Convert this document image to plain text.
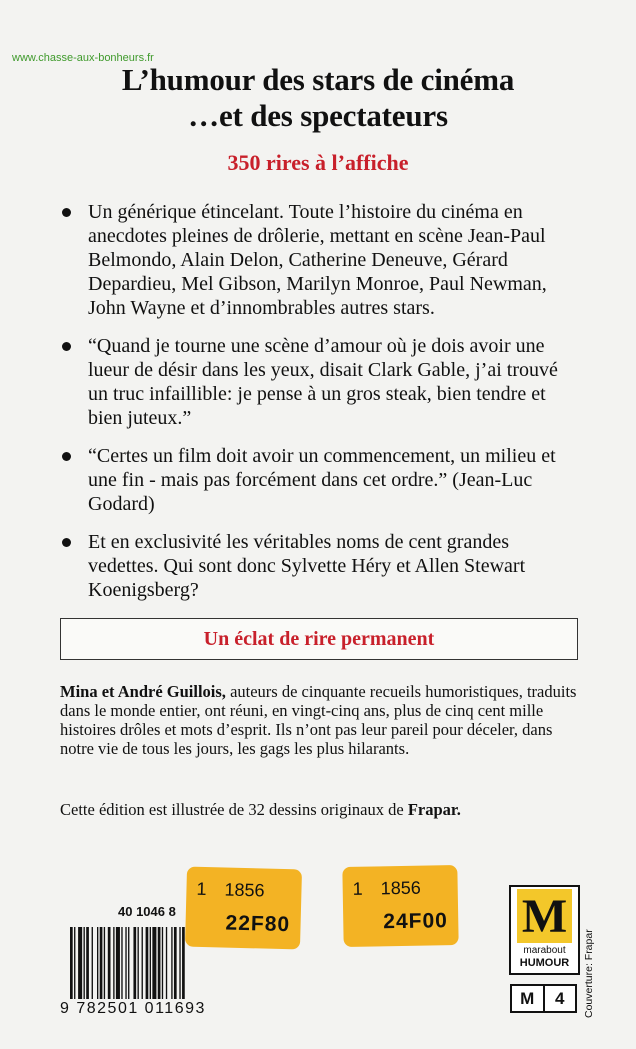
www.chasse-aux-bonheurs.fr
L’humour des stars de cinéma
…et des spectateurs
350 rires à l’affiche
Un générique étincelant. Toute l’histoire du cinéma en anecdotes pleines de drôlerie, mettant en scène Jean-Paul Belmondo, Alain Delon, Catherine Deneuve, Gérard Depardieu, Mel Gibson, Marilyn Monroe, Paul Newman, John Wayne et d’innombrables autres stars.
“Quand je tourne une scène d’amour où je dois avoir une lueur de désir dans les yeux, disait Clark Gable, j’ai trouvé un truc infaillible: je pense à un gros steak, bien tendre et bien juteux.”
“Certes un film doit avoir un commencement, un milieu et une fin - mais pas forcément dans cet ordre.” (Jean-Luc Godard)
Et en exclusivité les véritables noms de cent grandes vedettes. Qui sont donc Sylvette Héry et Allen Stewart Koenigsberg?
Un éclat de rire permanent
Mina et André Guillois, auteurs de cinquante recueils humoristiques, traduits dans le monde entier, ont réuni, en vingt-cinq ans, plus de cinq cent mille histoires drôles et mots d’esprit. Ils n’ont pas leur pareil pour déceler, dans notre vie de tous les jours, les gags les plus hilarants.
Cette édition est illustrée de 32 dessins originaux de Frapar.
40 1046 8
9 782501 011693
1 1856
22F80
1 1856
24F00 M
marabout
HUMOUR
M	4	Couverture: Frapar
